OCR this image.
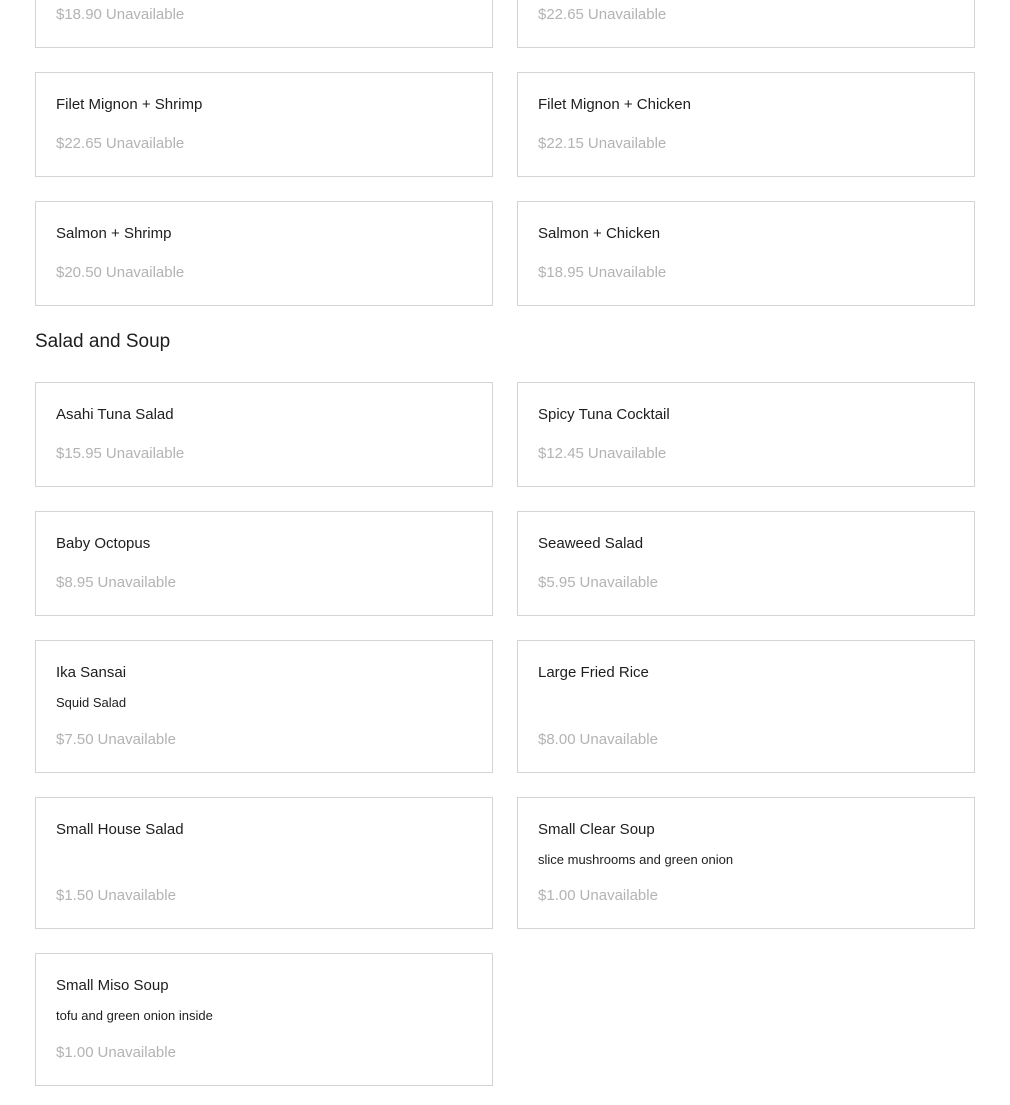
$18.90 Unavailable	$22.65 Unavailable
Filet Mignon + Shrimp
$22.65 Unavailable
Filet Mignon + Chicken
$22.15 Unavailable
Salmon + Shrimp
$20.50 Unavailable
Salmon + Chicken
$18.95 Unavailable
Salad and Soup
Asahi Tuna Salad
$15.95 Unavailable
Spicy Tuna Cocktail
$12.45 Unavailable
Baby Octopus
$8.95 Unavailable
Seaweed Salad
$5.95 Unavailable
Ika Sansai
Squid Salad
$7.50 Unavailable
Large Fried Rice
$8.00 Unavailable
Small House Salad
$1.50 Unavailable
Small Clear Soup
slice mushrooms and green onion
$1.00 Unavailable
Small Miso Soup
tofu and green onion inside
$1.00 Unavailable
